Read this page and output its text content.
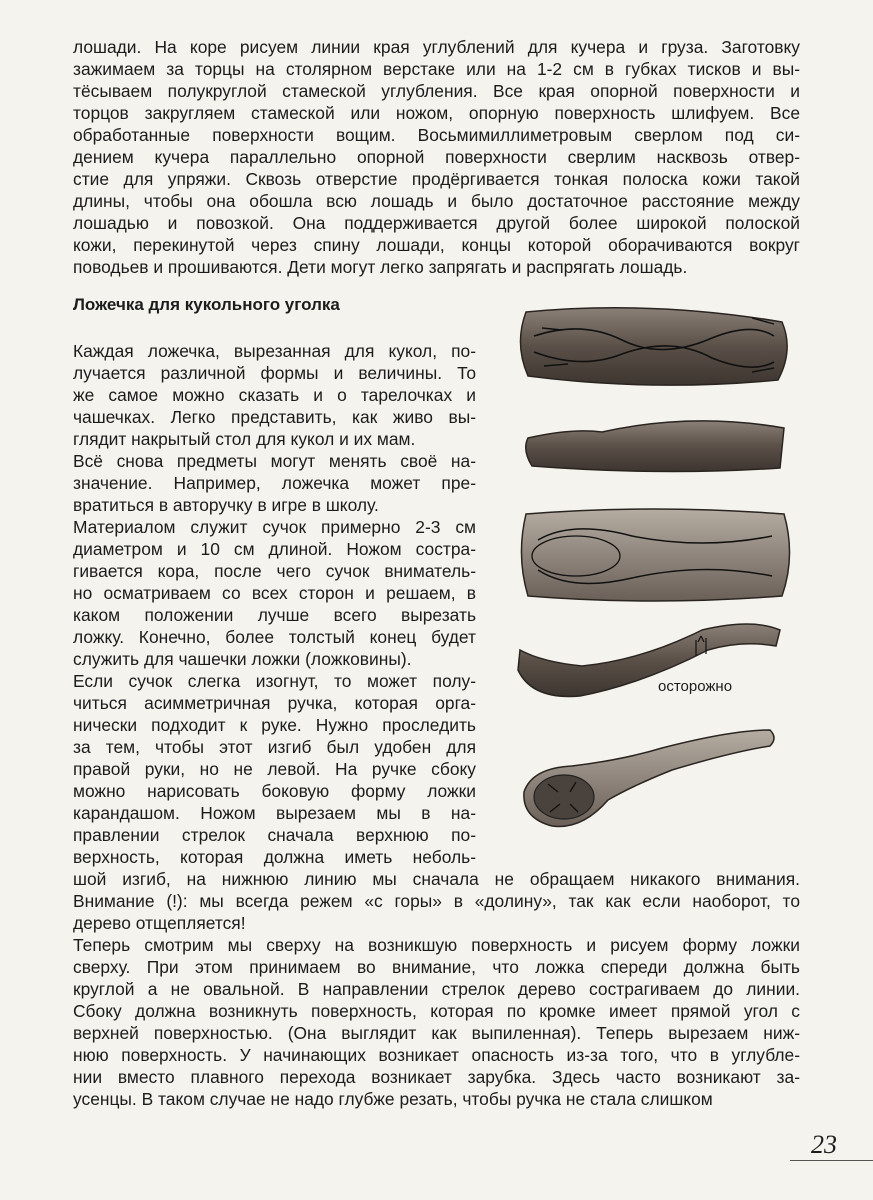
лошади. На коре рисуем линии края углублений для кучера и груза. Заготовку
зажимаем за торцы на столярном верстаке или на 1-2 см в губках тисков и вы-
тёсываем полукруглой стамеской углубления. Все края опорной поверхности и
торцов закругляем стамеской или ножом, опорную поверхность шлифуем. Все
обработанные поверхности вощим. Восьмимиллиметровым сверлом под си-
дением кучера параллельно опорной поверхности сверлим насквозь отвер-
стие для упряжи. Сквозь отверстие продёргивается тонкая полоска кожи такой
длины, чтобы она обошла всю лошадь и было достаточное расстояние между
лошадью и повозкой. Она поддерживается другой более широкой полоской
кожи, перекинутой через спину лошади, концы которой оборачиваются вокруг
поводьев и прошиваются. Дети могут легко запрягать и распрягать лошадь.
Ложечка для кукольного уголка
Каждая ложечка, вырезанная для кукол, по-
лучается различной формы и величины. То
же самое можно сказать и о тарелочках и
чашечках. Легко представить, как живо вы-
глядит накрытый стол для кукол и их мам.
Всё снова предметы могут менять своё на-
значение. Например, ложечка может пре-
вратиться в авторучку в игре в школу.
Материалом служит сучок примерно 2-3 см
диаметром и 10 см длиной. Ножом состра-
гивается кора, после чего сучок вниматель-
но осматриваем со всех сторон и решаем, в
каком положении лучше всего вырезать
ложку. Конечно, более толстый конец будет
служить для чашечки ложки (ложковины).
Если сучок слегка изогнут, то может полу-
читься асимметричная ручка, которая орга-
нически подходит к руке. Нужно проследить
за тем, чтобы этот изгиб был удобен для
правой руки, но не левой. На ручке сбоку
можно нарисовать боковую форму ложки
карандашом. Ножом вырезаем мы в на-
правлении стрелок сначала верхнюю по-
верхность, которая должна иметь неболь-
осторожно
шой изгиб, на нижнюю линию мы сначала не обращаем никакого внимания.
Внимание (!): мы всегда режем «с горы» в «долину», так как если наоборот, то
дерево отщепляется!
Теперь смотрим мы сверху на возникшую поверхность и рисуем форму ложки
сверху. При этом принимаем во внимание, что ложка спереди должна быть
круглой а не овальной. В направлении стрелок дерево сострагиваем до линии.
Сбоку должна возникнуть поверхность, которая по кромке имеет прямой угол с
верхней поверхностью. (Она выглядит как выпиленная). Теперь вырезаем ниж-
нюю поверхность. У начинающих возникает опасность из-за того, что в углубле-
нии вместо плавного перехода возникает зарубка. Здесь часто возникают за-
усенцы. В таком случае не надо глубже резать, чтобы ручка не стала слишком
23
